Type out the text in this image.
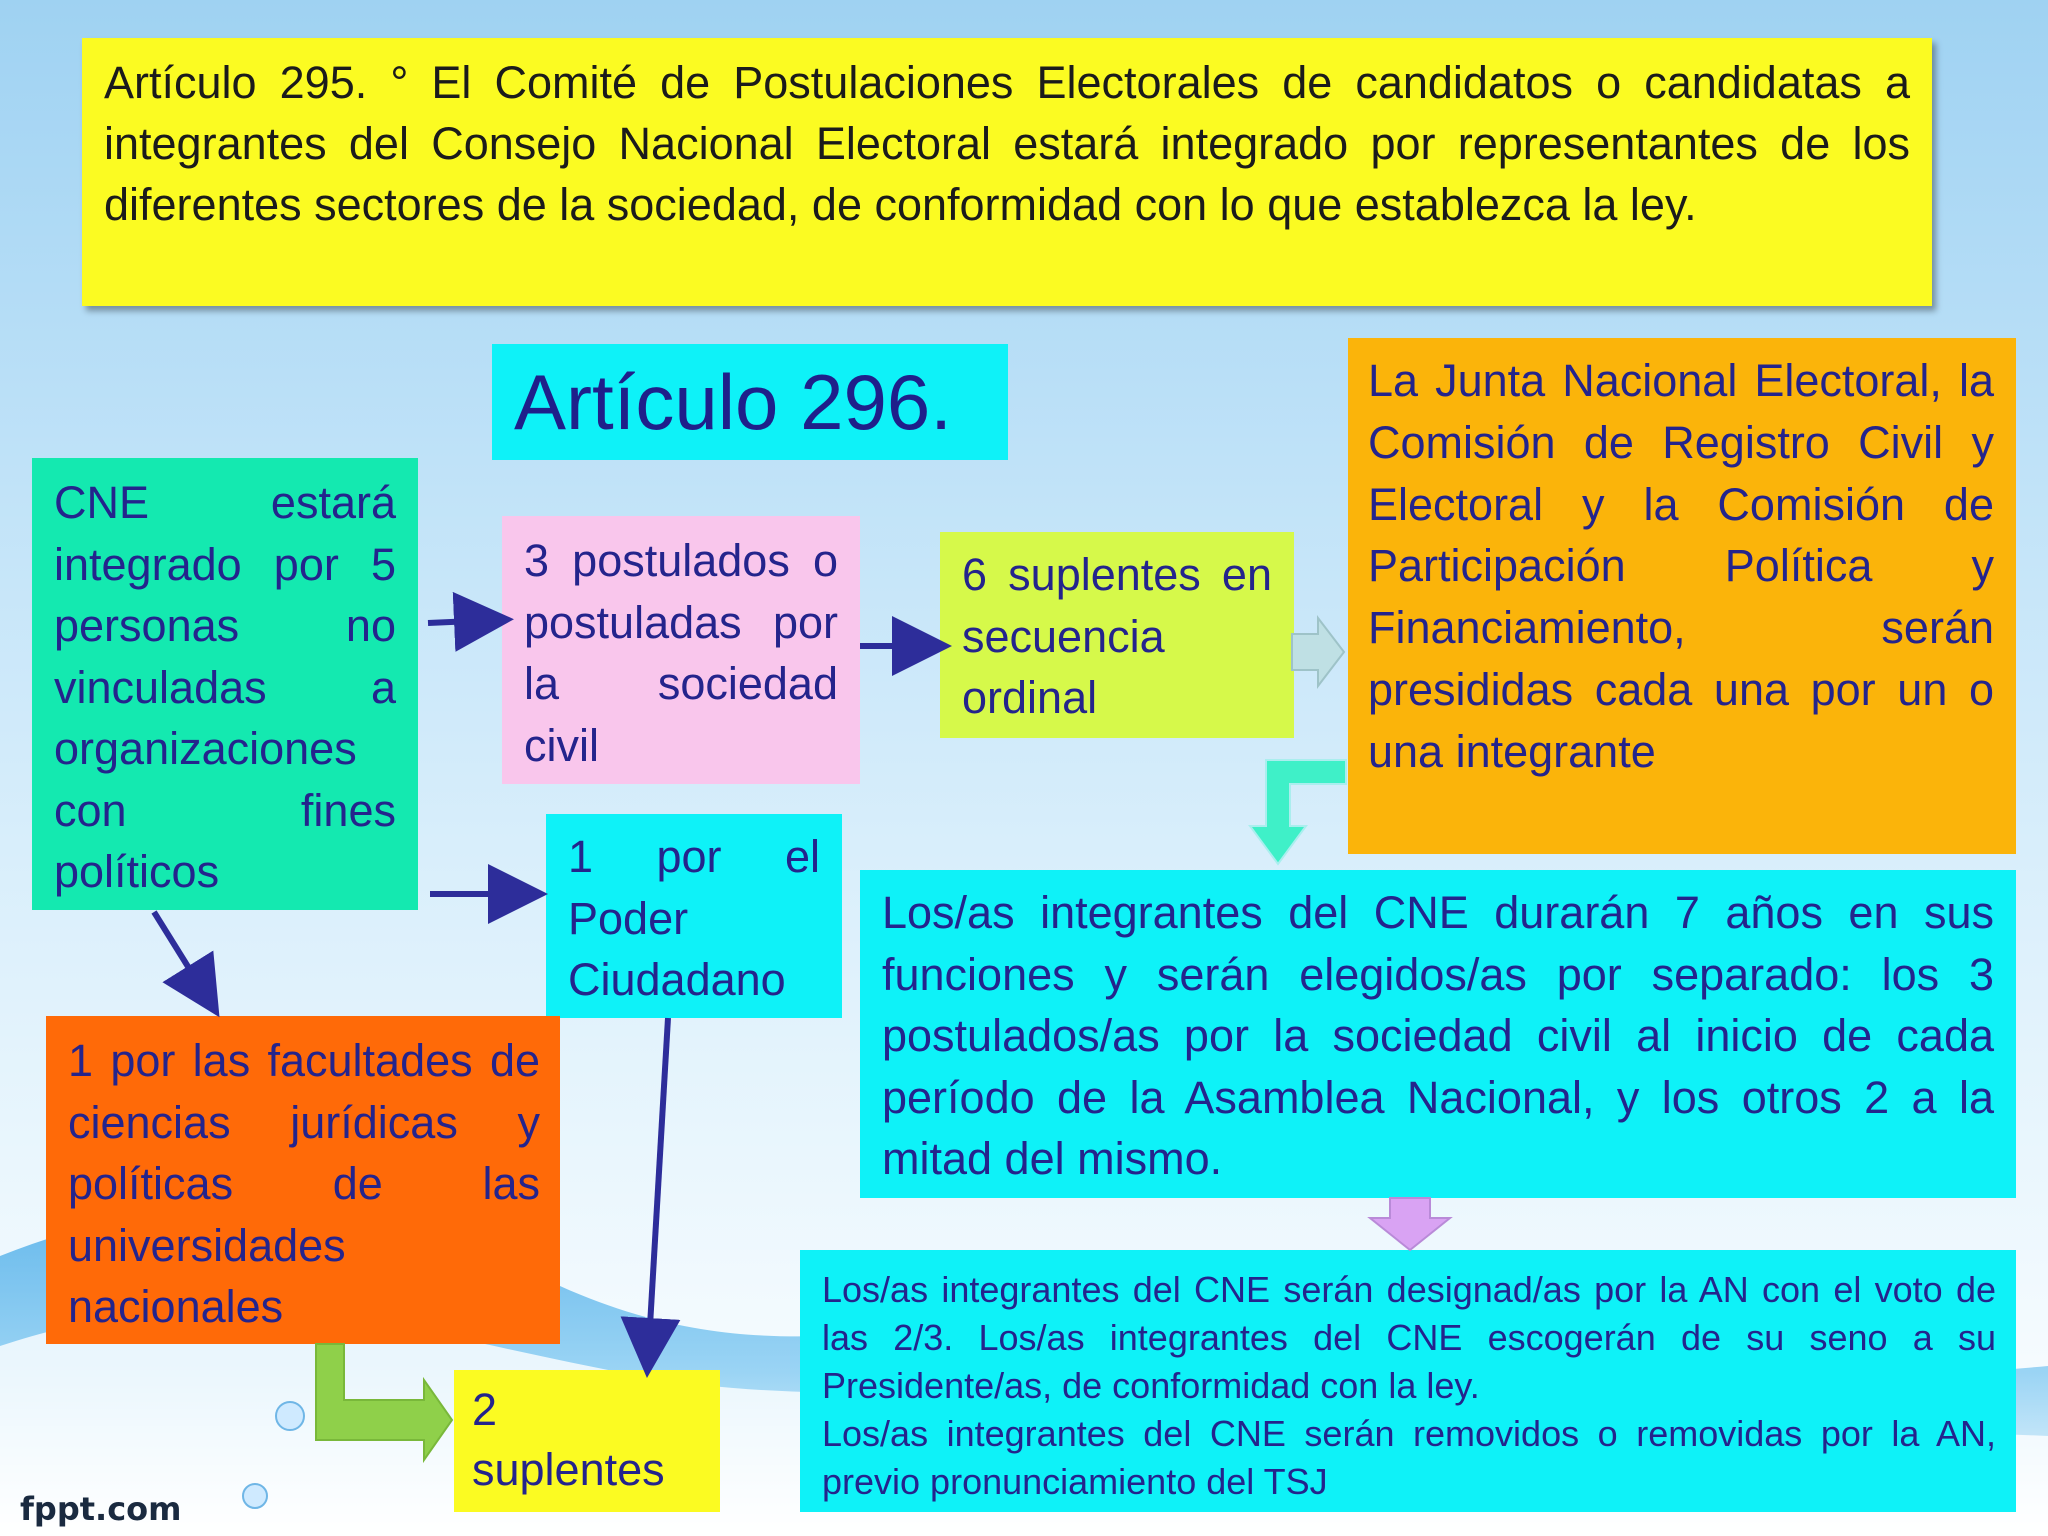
Artículo 295. ° El Comité de Postulaciones Electorales de candidatos o candidatas a integrantes del Consejo Nacional Electoral estará integrado por representantes de los diferentes sectores de la sociedad, de conformidad con lo que establezca la ley.
Artículo 296.
CNE estará integrado por 5 personas no vinculadas a organizaciones con fines políticos
3 postulados o postuladas por la sociedad civil
6 suplentes en secuencia ordinal
La Junta Nacional Electoral, la Comisión de Registro Civil y Electoral y la Comisión de Participación Política y Financiamiento, serán presididas cada una por un o una integrante
1 por el Poder Ciudadano
1 por las facultades de ciencias jurídicas y políticas de las universidades nacionales
Los/as integrantes del CNE durarán 7 años en sus funciones y serán elegidos/as por separado: los 3 postulados/as por la sociedad civil al inicio de cada período de la Asamblea Nacional, y los otros 2 a la mitad del mismo.
Los/as integrantes del CNE serán designad/as por la AN con el voto de las 2/3. Los/as integrantes del CNE escogerán de su seno a su Presidente/as, de conformidad con la ley.
Los/as integrantes del CNE serán removidos o removidas por la AN, previo pronunciamiento del TSJ
2 suplentes
fppt.com
